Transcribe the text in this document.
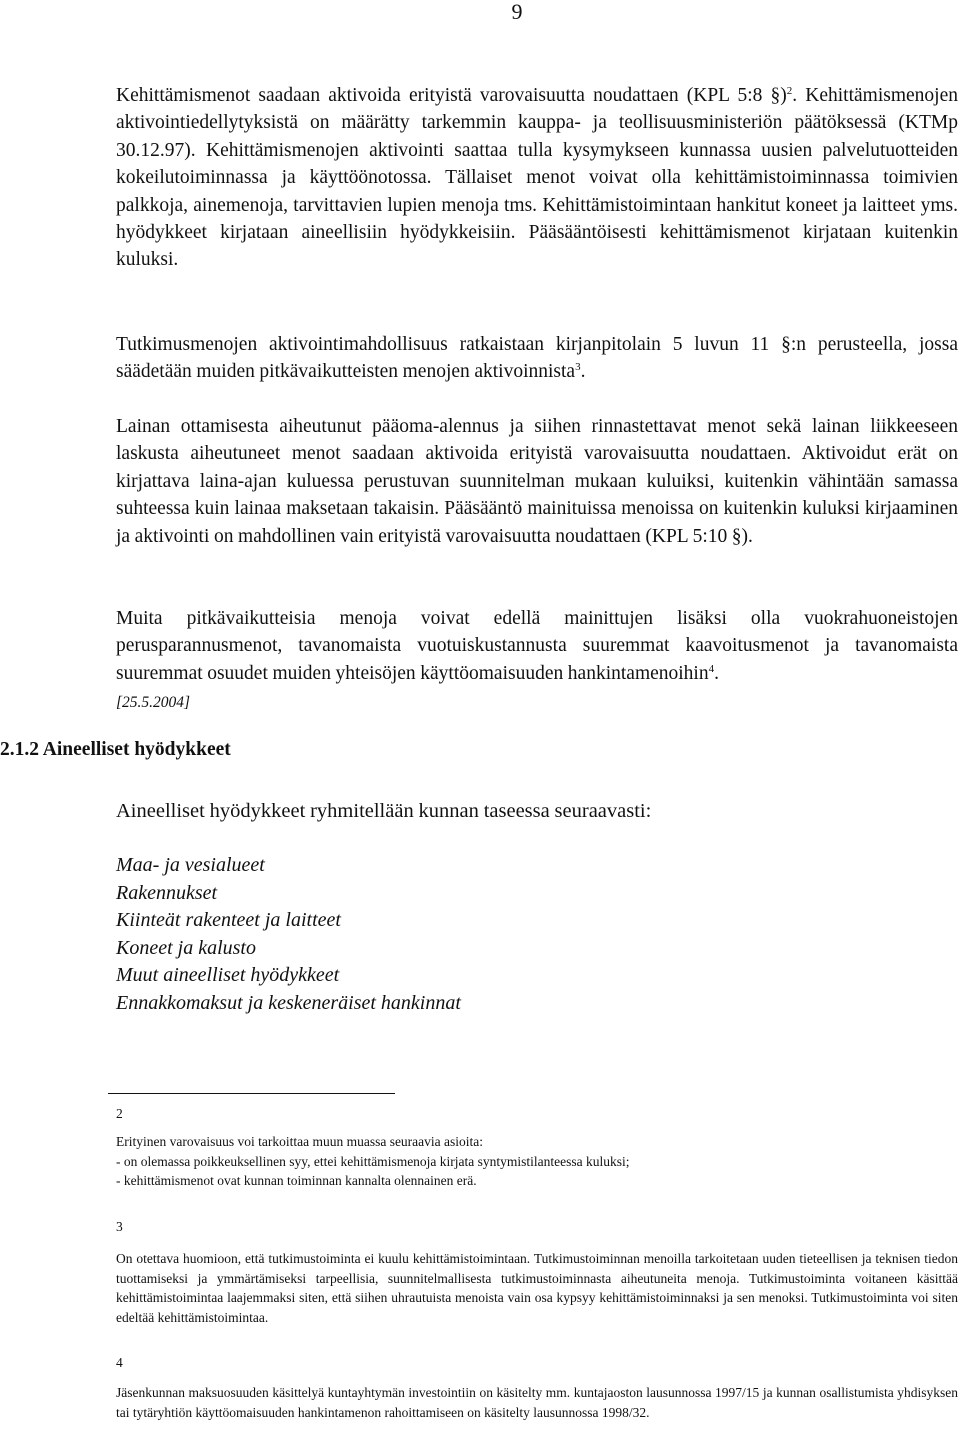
9

Kehittämismenot saadaan aktivoida erityistä varovaisuutta noudattaen (KPL 5:8 §)$^2$. Kehittämismenojen aktivointiedellytyksistä on määrätty tarkemmin kauppa- ja teollisuusministeriön päätöksessä (KTMp 30.12.97). Kehittämismenojen aktivointi saattaa tulla kysymykseen kunnassa uusien palvelutuotteiden kokeilutoiminnassa ja käyttöönotossa. Tällaiset menot voivat olla kehittämistoiminnassa toimivien palkkoja, ainemenoja, tarvittavien lupien menoja tms. Kehittämistoimintaan hankitut koneet ja laitteet yms. hyödykkeet kirjataan aineellisiin hyödykkeisiin. Pääsääntöisesti kehittämismenot kirjataan kuitenkin kuluksi.

Tutkimusmenojen aktivointimahdollisuus ratkaistaan kirjanpitolain 5 luvun 11 §:n perusteella, jossa säädetään muiden pitkävaikutteisten menojen aktivoinnista$^3$.

Lainan ottamisesta aiheutunut pääoma-alennus ja siihen rinnastettavat menot sekä lainan liikkeeseen laskusta aiheutuneet menot saadaan aktivoida erityistä varovaisuutta noudattaen. Aktivoidut erät on kirjattava laina-ajan kuluessa perustuvan suunnitelman mukaan kuluiksi, kuitenkin vähintään samassa suhteessa kuin lainaa maksetaan takaisin. Pääsääntö mainituissa menoissa on kuitenkin kuluksi kirjaaminen ja aktivointi on mahdollinen vain erityistä varovaisuutta noudattaen (KPL 5:10 §).

Muita pitkävaikutteisia menoja voivat edellä mainittujen lisäksi olla vuokrahuoneistojen perusparannusmenot, tavanomaista vuotuiskustannusta suuremmat kaavoitusmenot ja tavanomaista suuremmat osuudet muiden yhteisöjen käyttöomaisuuden hankintamenoihin$^4$.
[25.5.2004]

2.1.2 Aineelliset hyödykkeet

Aineelliset hyödykkeet ryhmitellään kunnan taseessa seuraavasti:

Maa- ja vesialueet
Rakennukset
Kiinteät rakenteet ja laitteet
Koneet ja kalusto
Muut aineelliset hyödykkeet
Ennakkomaksut ja keskeneräiset hankinnat
2

Erityinen varovaisuus voi tarkoittaa muun muassa seuraavia asioita:
- on olemassa poikkeuksellinen syy, ettei kehittämismenoja kirjata syntymistilanteessa kuluksi;
- kehittämismenot ovat kunnan toiminnan kannalta olennainen erä.

3

On otettava huomioon, että tutkimustoiminta ei kuulu kehittämistoimintaan. Tutkimustoiminnan menoilla tarkoitetaan uuden tieteellisen ja teknisen tiedon tuottamiseksi ja ymmärtämiseksi tarpeellisia, suunnitelmallisesta tutkimustoiminnasta aiheutuneita menoja. Tutkimustoiminta voitaneen käsittää kehittämistoimintaa laajemmaksi siten, että siihen uhrautuista menoista vain osa kypsyy kehittämistoiminnaksi ja sen menoksi. Tutkimustoiminta voi siten edeltää kehittämistoimintaa.

4

Jäsenkunnan maksuosuuden käsittelyä kuntayhtymän investointiin on käsitelty mm. kuntajaoston lausunnossa 1997/15 ja kunnan osallistumista yhdisyksen tai tytäryhtiön käyttöomaisuuden hankintamenon rahoittamiseen on käsitelty lausunnossa 1998/32.
